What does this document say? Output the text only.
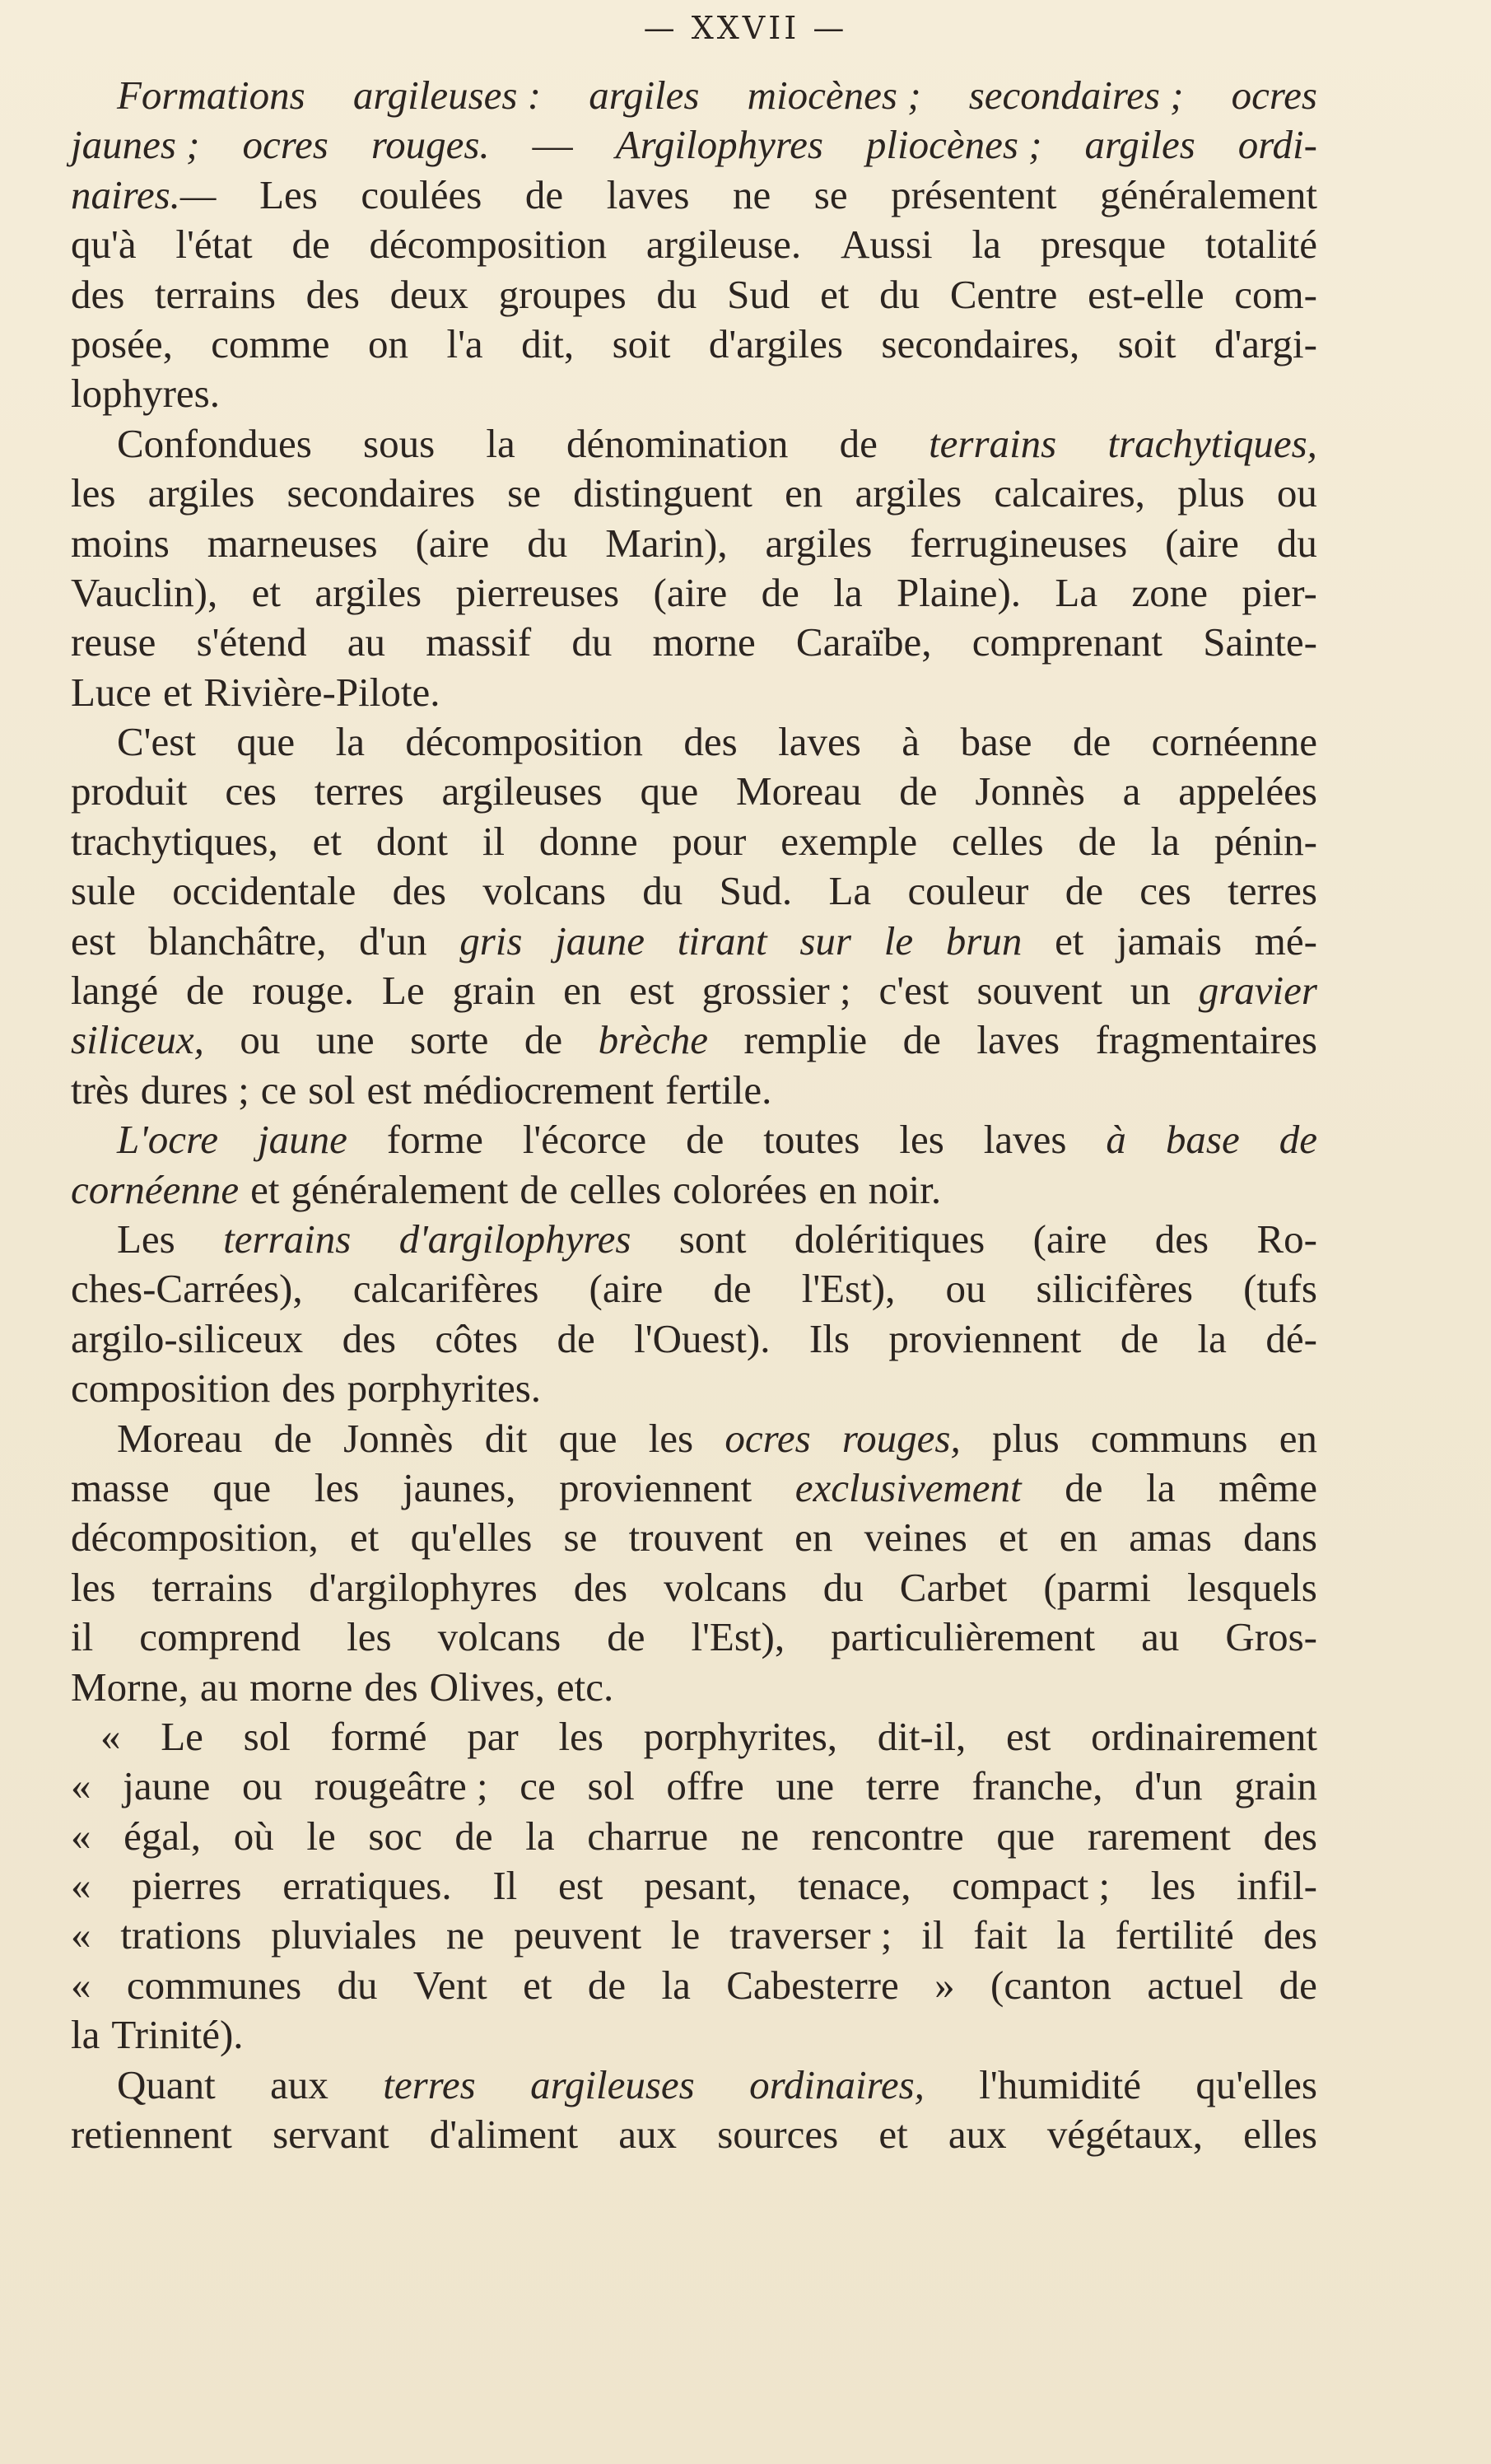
— XXVII —
Formations argileuses : argiles miocènes ; secondaires ; ocres
jaunes ; ocres rouges. — Argilophyres pliocènes ; argiles ordi-
naires.— Les coulées de laves ne se présentent généralement
qu'à l'état de décomposition argileuse. Aussi la presque totalité
des terrains des deux groupes du Sud et du Centre est-elle com-
posée, comme on l'a dit, soit d'argiles secondaires, soit d'argi-
lophyres.
Confondues sous la dénomination de terrains trachytiques,
les argiles secondaires se distinguent en argiles calcaires, plus ou
moins marneuses (aire du Marin), argiles ferrugineuses (aire du
Vauclin), et argiles pierreuses (aire de la Plaine). La zone pier-
reuse s'étend au massif du morne Caraïbe, comprenant Sainte-
Luce et Rivière-Pilote.
C'est que la décomposition des laves à base de cornéenne
produit ces terres argileuses que Moreau de Jonnès a appelées
trachytiques, et dont il donne pour exemple celles de la pénin-
sule occidentale des volcans du Sud. La couleur de ces terres
est blanchâtre, d'un gris jaune tirant sur le brun et jamais mé-
langé de rouge. Le grain en est grossier ; c'est souvent un gravier
siliceux, ou une sorte de brèche remplie de laves fragmentaires
très dures ; ce sol est médiocrement fertile.
L'ocre jaune forme l'écorce de toutes les laves à base de
cornéenne et généralement de celles colorées en noir.
Les terrains d'argilophyres sont doléritiques (aire des Ro-
ches-Carrées), calcarifères (aire de l'Est), ou silicifères (tufs
argilo-siliceux des côtes de l'Ouest). Ils proviennent de la dé-
composition des porphyrites.
Moreau de Jonnès dit que les ocres rouges, plus communs en
masse que les jaunes, proviennent exclusivement de la même
décomposition, et qu'elles se trouvent en veines et en amas dans
les terrains d'argilophyres des volcans du Carbet (parmi lesquels
il comprend les volcans de l'Est), particulièrement au Gros-
Morne, au morne des Olives, etc.
« Le sol formé par les porphyrites, dit-il, est ordinairement
« jaune ou rougeâtre ; ce sol offre une terre franche, d'un grain
« égal, où le soc de la charrue ne rencontre que rarement des
« pierres erratiques. Il est pesant, tenace, compact ; les infil-
« trations pluviales ne peuvent le traverser ; il fait la fertilité des
« communes du Vent et de la Cabesterre » (canton actuel de
la Trinité).
Quant aux terres argileuses ordinaires, l'humidité qu'elles
retiennent servant d'aliment aux sources et aux végétaux, elles
